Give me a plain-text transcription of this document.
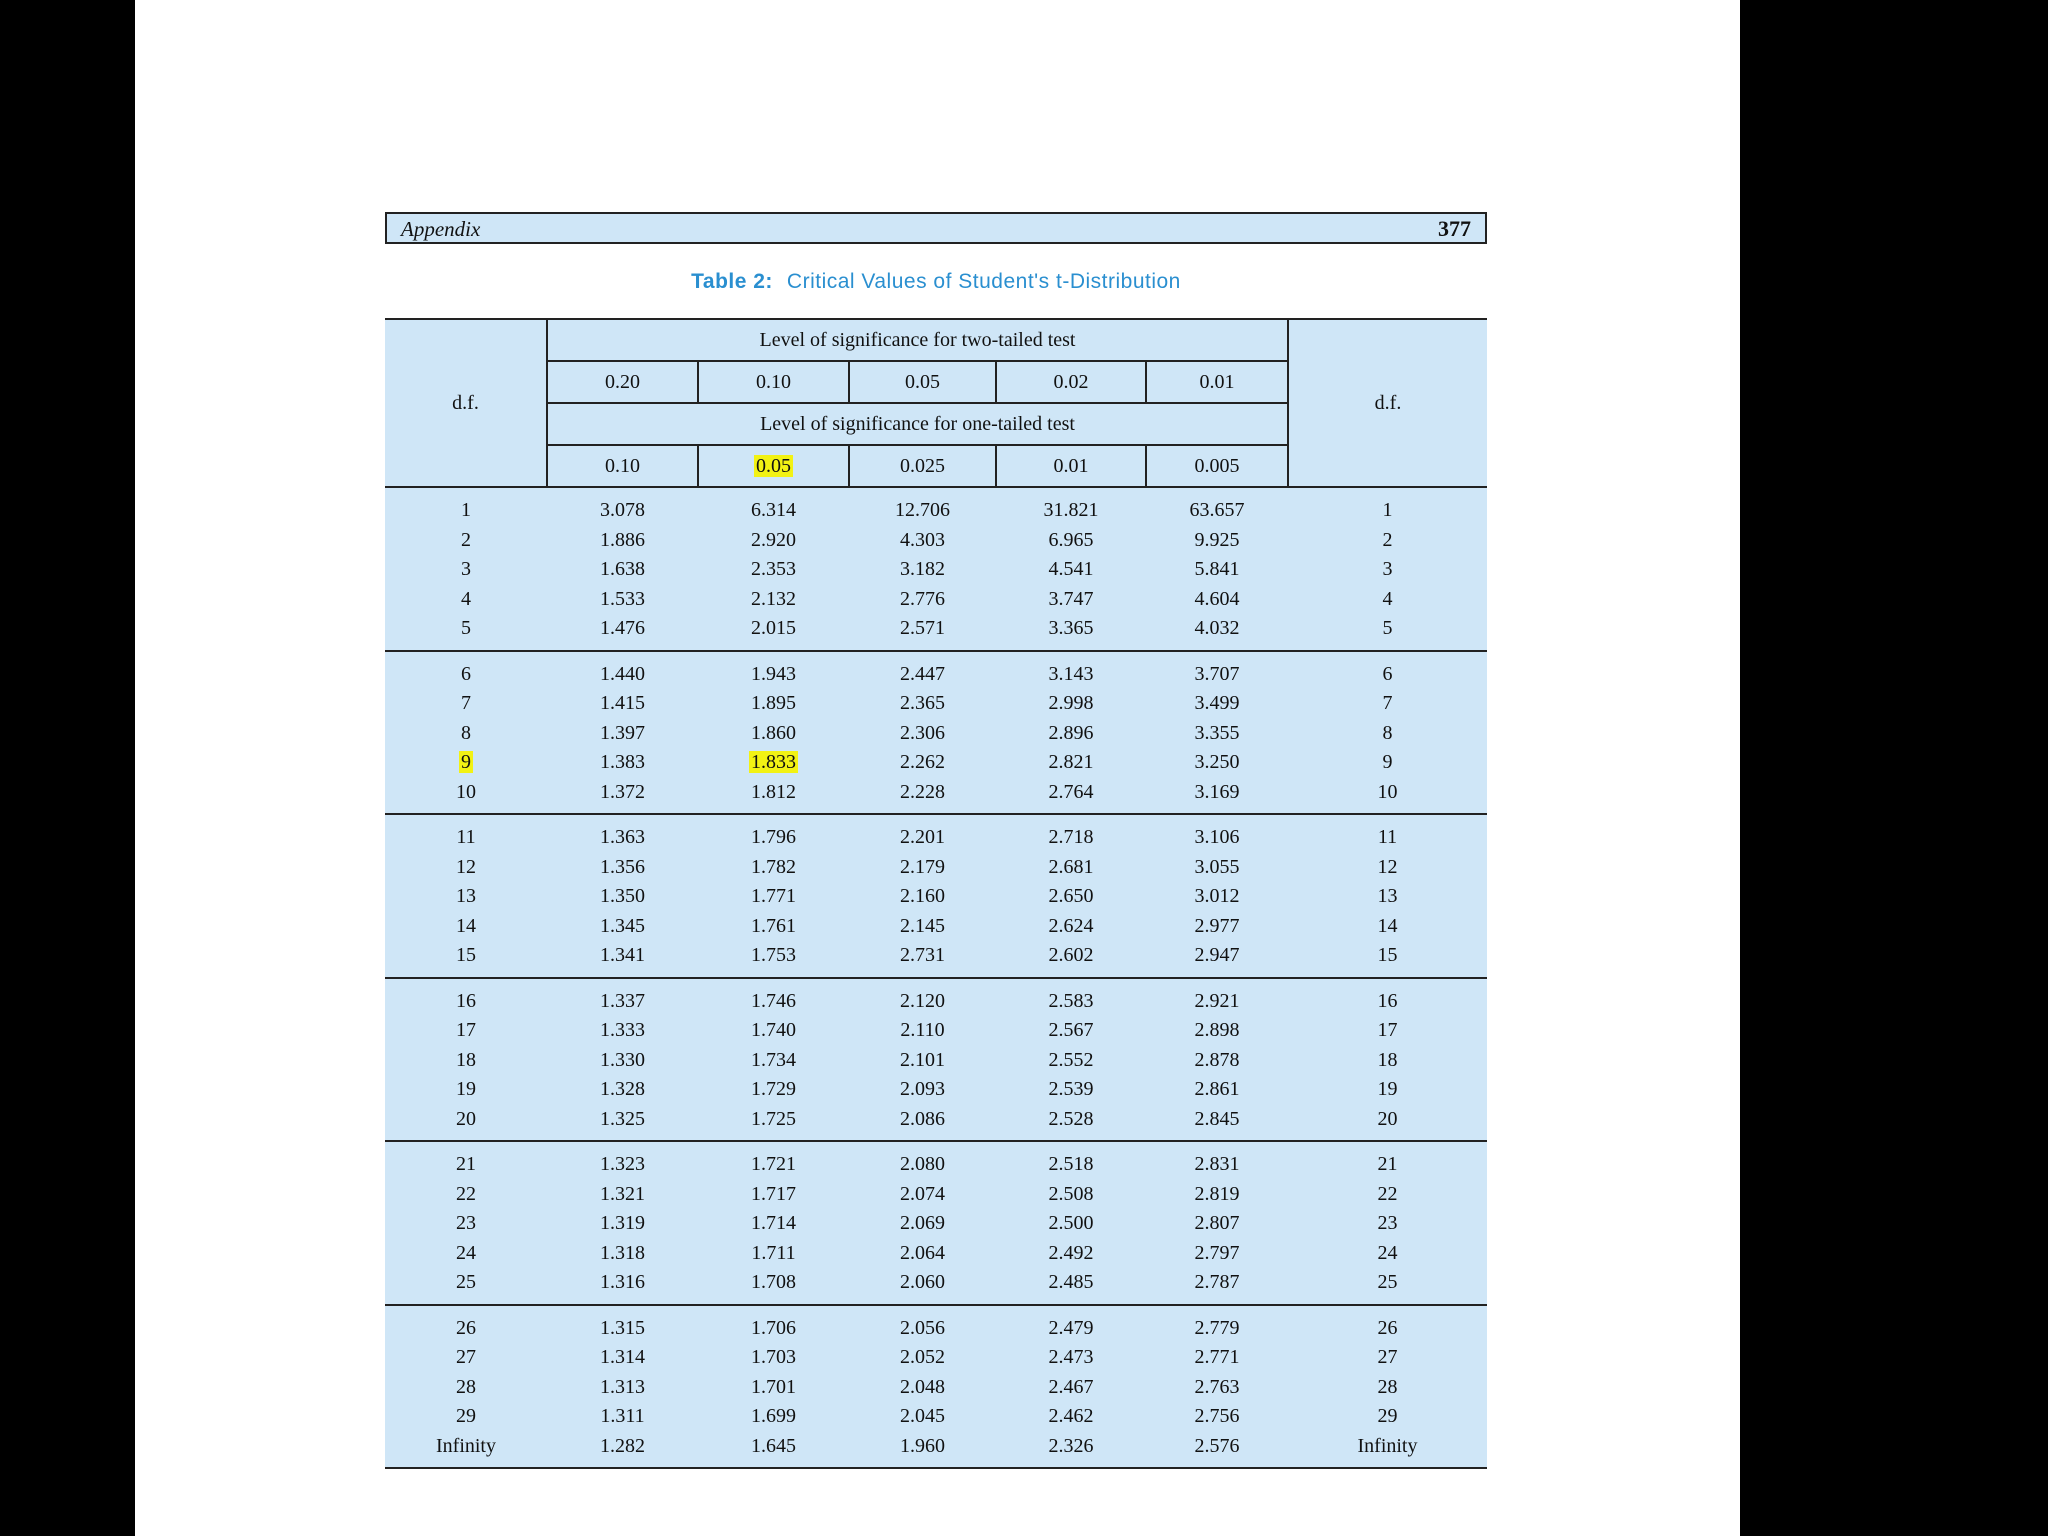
Appendix	377
Table 2: Critical Values of Student's t-Distribution
d.f.	Level of significance for two-tailed test					d.f.
	0.20	0.10	0.05	0.02	0.01	
	Level of significance for one-tailed test					
	0.10	0.05	0.025	0.01	0.005	
1	3.078	6.314	12.706	31.821	63.657	1
2	1.886	2.920	4.303	6.965	9.925	2
3	1.638	2.353	3.182	4.541	5.841	3
4	1.533	2.132	2.776	3.747	4.604	4
5	1.476	2.015	2.571	3.365	4.032	5
6	1.440	1.943	2.447	3.143	3.707	6
7	1.415	1.895	2.365	2.998	3.499	7
8	1.397	1.860	2.306	2.896	3.355	8
9	1.383	1.833	2.262	2.821	3.250	9
10	1.372	1.812	2.228	2.764	3.169	10
11	1.363	1.796	2.201	2.718	3.106	11
12	1.356	1.782	2.179	2.681	3.055	12
13	1.350	1.771	2.160	2.650	3.012	13
14	1.345	1.761	2.145	2.624	2.977	14
15	1.341	1.753	2.731	2.602	2.947	15
16	1.337	1.746	2.120	2.583	2.921	16
17	1.333	1.740	2.110	2.567	2.898	17
18	1.330	1.734	2.101	2.552	2.878	18
19	1.328	1.729	2.093	2.539	2.861	19
20	1.325	1.725	2.086	2.528	2.845	20
21	1.323	1.721	2.080	2.518	2.831	21
22	1.321	1.717	2.074	2.508	2.819	22
23	1.319	1.714	2.069	2.500	2.807	23
24	1.318	1.711	2.064	2.492	2.797	24
25	1.316	1.708	2.060	2.485	2.787	25
26	1.315	1.706	2.056	2.479	2.779	26
27	1.314	1.703	2.052	2.473	2.771	27
28	1.313	1.701	2.048	2.467	2.763	28
29	1.311	1.699	2.045	2.462	2.756	29
Infinity	1.282	1.645	1.960	2.326	2.576	Infinity
